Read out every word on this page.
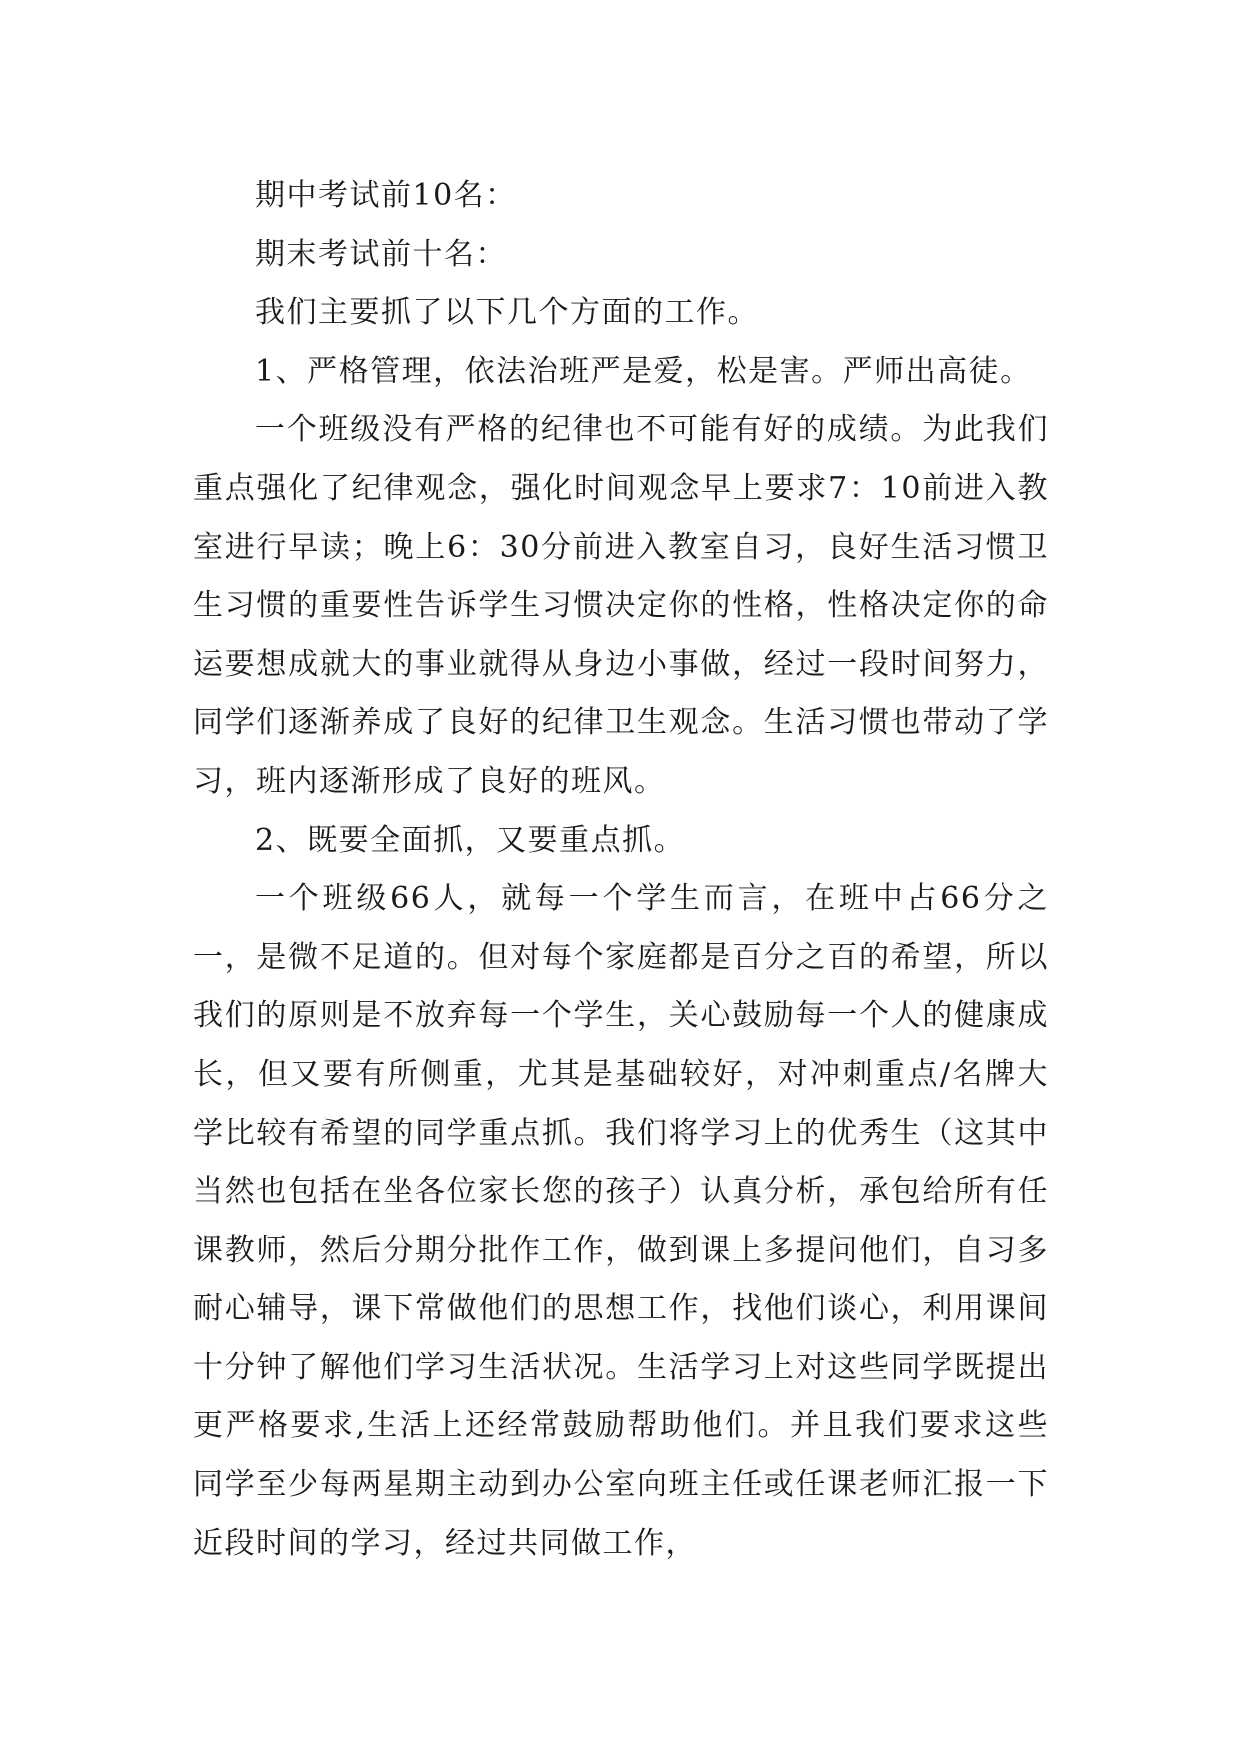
期中考试前10名：

期末考试前十名：

我们主要抓了以下几个方面的工作。

1、严格管理，依法治班严是爱，松是害。严师出高徒。

一个班级没有严格的纪律也不可能有好的成绩。为此我们重点强化了纪律观念，强化时间观念早上要求7：10前进入教室进行早读；晚上6：30分前进入教室自习，良好生活习惯卫生习惯的重要性告诉学生习惯决定你的性格，性格决定你的命运要想成就大的事业就得从身边小事做，经过一段时间努力，同学们逐渐养成了良好的纪律卫生观念。生活习惯也带动了学习，班内逐渐形成了良好的班风。

2、既要全面抓，又要重点抓。

一个班级66人，就每一个学生而言，在班中占66分之一，是微不足道的。但对每个家庭都是百分之百的希望，所以我们的原则是不放弃每一个学生，关心鼓励每一个人的健康成长，但又要有所侧重，尤其是基础较好，对冲刺重点/名牌大学比较有希望的同学重点抓。我们将学习上的优秀生（这其中当然也包括在坐各位家长您的孩子）认真分析，承包给所有任课教师，然后分期分批作工作，做到课上多提问他们，自习多耐心辅导，课下常做他们的思想工作，找他们谈心，利用课间十分钟了解他们学习生活状况。生活学习上对这些同学既提出更严格要求,生活上还经常鼓励帮助他们。并且我们要求这些同学至少每两星期主动到办公室向班主任或任课老师汇报一下近段时间的学习，经过共同做工作，
